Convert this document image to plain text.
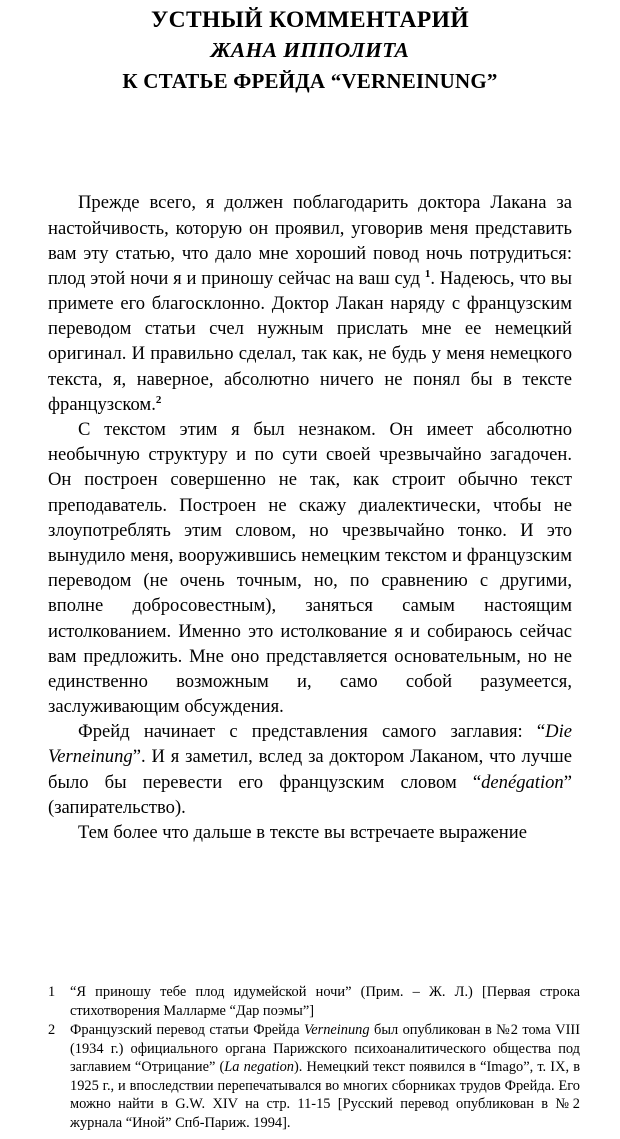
УСТНЫЙ КОММЕНТАРИЙ
ЖАНА ИППОЛИТА
К СТАТЬЕ ФРЕЙДА “VERNEINUNG”

Прежде всего, я должен поблагодарить доктора Лакана за настойчивость, которую он проявил, уговорив меня представить вам эту статью, что дало мне хороший повод ночь потрудиться: плод этой ночи я и приношу сейчас на ваш суд $^1$. Надеюсь, что вы примете его благосклонно. Доктор Лакан наряду с французским переводом статьи счел нужным прислать мне ее немецкий оригинал. И правильно сделал, так как, не будь у меня немецкого текста, я, наверное, абсолютно ничего не понял бы в тексте французском.$^2$

С текстом этим я был незнаком. Он имеет абсолютно необычную структуру и по сути своей чрезвычайно загадочен. Он построен совершенно не так, как строит обычно текст преподаватель. Построен не скажу диалектически, чтобы не злоупотреблять этим словом, но чрезвычайно тонко. И это вынудило меня, вооружившись немецким текстом и французским переводом (не очень точным, но, по сравнению с другими, вполне добросовестным), заняться самым настоящим истолкованием. Именно это истолкование я и собираюсь сейчас вам предложить. Мне оно представляется основательным, но не единственно возможным и, само собой разумеется, заслуживающим обсуждения.

Фрейд начинает с представления самого заглавия: “Die Verneinung”. И я заметил, вслед за доктором Лаканом, что лучше было бы перевести его французским словом “denégation” (запирательство).

Тем более что дальше в тексте вы встречаете выражение

1	“Я приношу тебе плод идумейской ночи” (Прим. – Ж. Л.) [Первая строка стихотворения Малларме “Дар поэмы”]
2	Французский перевод статьи Фрейда Verneinung был опубликован в №2 тома VIII (1934 г.) официального органа Парижского психоаналитического общества под заглавием “Отрицание” (La negation). Немецкий текст появился в “Imago”, т. IX, в 1925 г., и впоследствии перепечатывался во многих сборниках трудов Фрейда. Его можно найти в G.W. XIV на стр. 11-15 [Русский перевод опубликован в №2 журнала “Иной” Спб-Париж. 1994].
